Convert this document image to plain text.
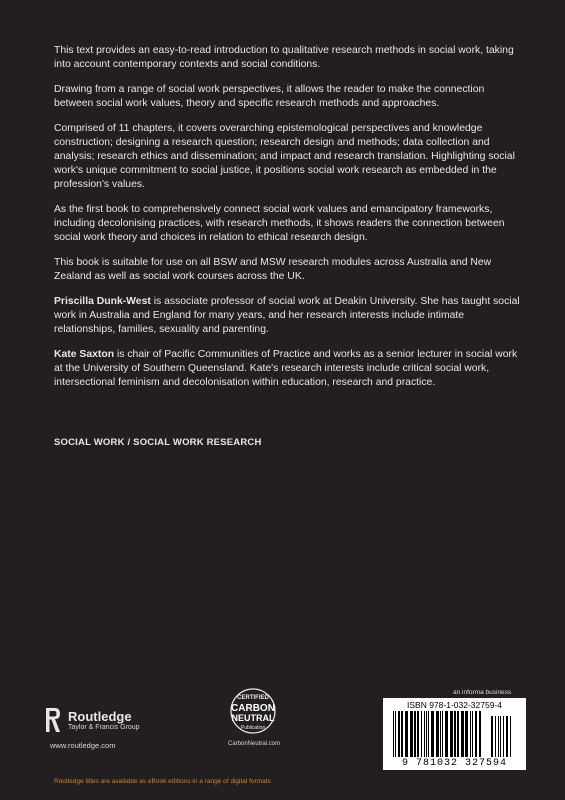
This text provides an easy-to-read introduction to qualitative research methods in social work, taking into account contemporary contexts and social conditions.

Drawing from a range of social work perspectives, it allows the reader to make the connection between social work values, theory and specific research methods and approaches.

Comprised of 11 chapters, it covers overarching epistemological perspectives and knowledge construction; designing a research question; research design and methods; data collection and analysis; research ethics and dissemination; and impact and research translation. Highlighting social work's unique commitment to social justice, it positions social work research as embedded in the profession's values.

As the first book to comprehensively connect social work values and emancipatory frameworks, including decolonising practices, with research methods, it shows readers the connection between social work theory and choices in relation to ethical research design.

This book is suitable for use on all BSW and MSW research modules across Australia and New Zealand as well as social work courses across the UK.

Priscilla Dunk-West is associate professor of social work at Deakin University. She has taught social work in Australia and England for many years, and her research interests include intimate relationships, families, sexuality and parenting.

Kate Saxton is chair of Pacific Communities of Practice and works as a senior lecturer in social work at the University of Southern Queensland. Kate's research interests include critical social work, intersectional feminism and decolonisation within education, research and practice.

SOCIAL WORK / SOCIAL WORK RESEARCH
Routledge
Taylor & Francis Group
www.routledge.com
CERTIFIED
CARBON
NEUTRAL
Publication
CarbonNeutral.com
an informa business
ISBN 978-1-032-32759-4
9 781032 327594
Routledge titles are available as eBook editions in a range of digital formats
